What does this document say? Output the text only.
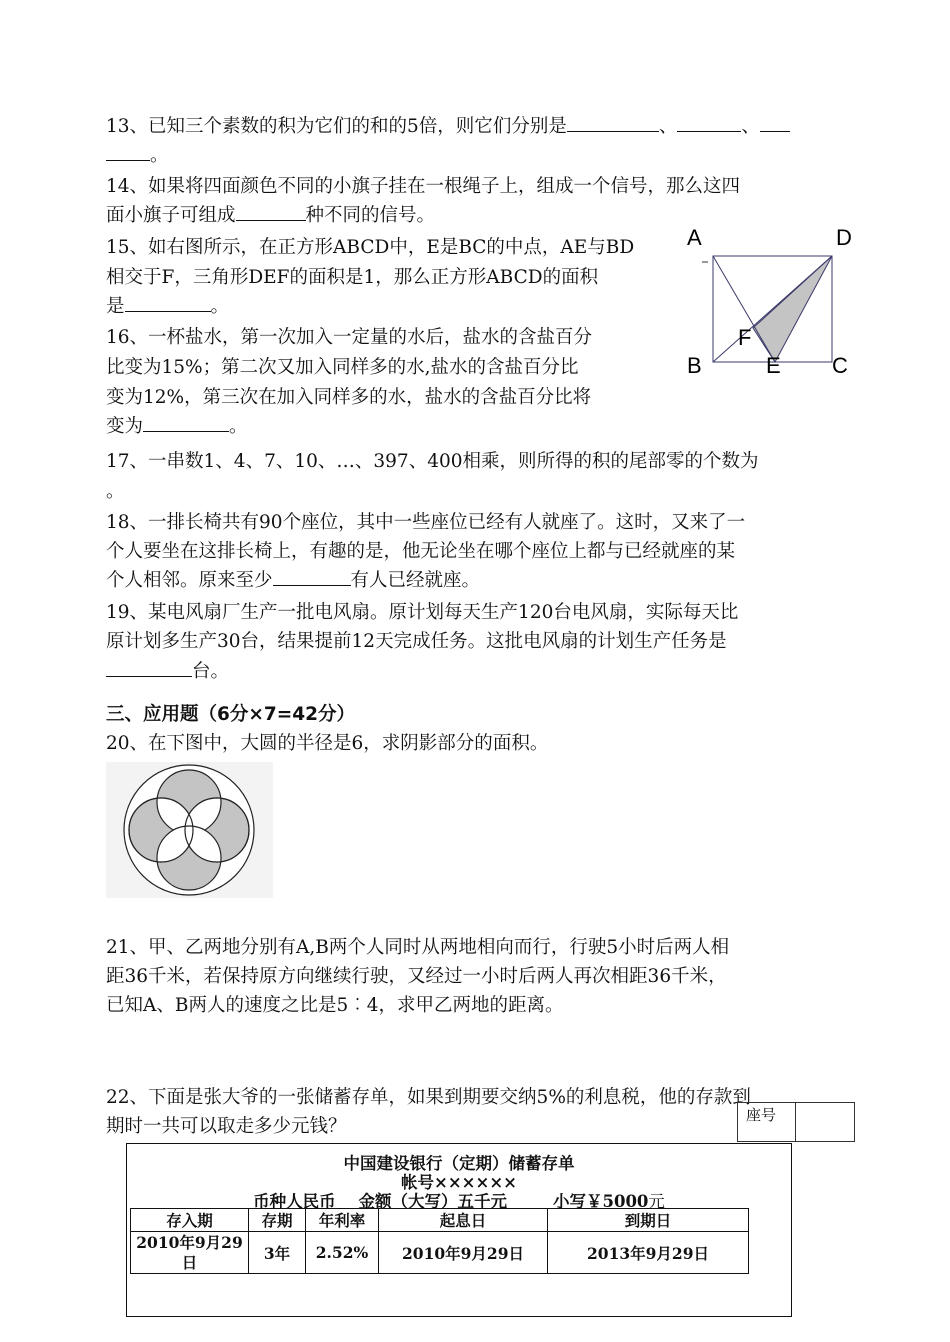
13、已知三个素数的积为它们的和的5倍，则它们分别是	、	、
。
14、如果将四面颜色不同的小旗子挂在一根绳子上，组成一个信号，那么这四
面小旗子可组成	种不同的信号。
15、如右图所示，在正方形ABCD中，E是BC的中点，AE与BD
相交于F，三角形DEF的面积是1，那么正方形ABCD的面积
是	。
A	D
B	E C
F
16、一杯盐水，第一次加入一定量的水后，盐水的含盐百分
比变为15%；第二次又加入同样多的水,盐水的含盐百分比
变为12%，第三次在加入同样多的水，盐水的含盐百分比将
变为	。
17、一串数1、4、7、10、…、397、400相乘，则所得的积的尾部零的个数为
。
18、一排长椅共有90个座位，其中一些座位已经有人就座了。这时，又来了一
个人要坐在这排长椅上，有趣的是，他无论坐在哪个座位上都与已经就座的某
个人相邻。原来至少	有人已经就座。
19、某电风扇厂生产一批电风扇。原计划每天生产120台电风扇，实际每天比
原计划多生产30台，结果提前12天完成任务。这批电风扇的计划生产任务是
台。
三、应用题（6分×7=42分）
20、在下图中，大圆的半径是6，求阴影部分的面积。
21、甲、乙两地分别有A,B两个人同时从两地相向而行，行驶5小时后两人相
距36千米，若保持原方向继续行驶，又经过一小时后两人再次相距36千米，
已知A、B两人的速度之比是5︰4，求甲乙两地的距离。
22、下面是张大爷的一张储蓄存单，如果到期要交纳5%的利息税，他的存款到
期时一共可以取走多少元钱？
座号
中国建设银行（定期）储蓄存单
帐号××××××
币种人民币    金额（大写）五千元        小写￥5000元
存入期	存期	年利率	起息日	到期日
2010年9月29日	3年	2.52%	2010年9月29日	2013年9月29日
